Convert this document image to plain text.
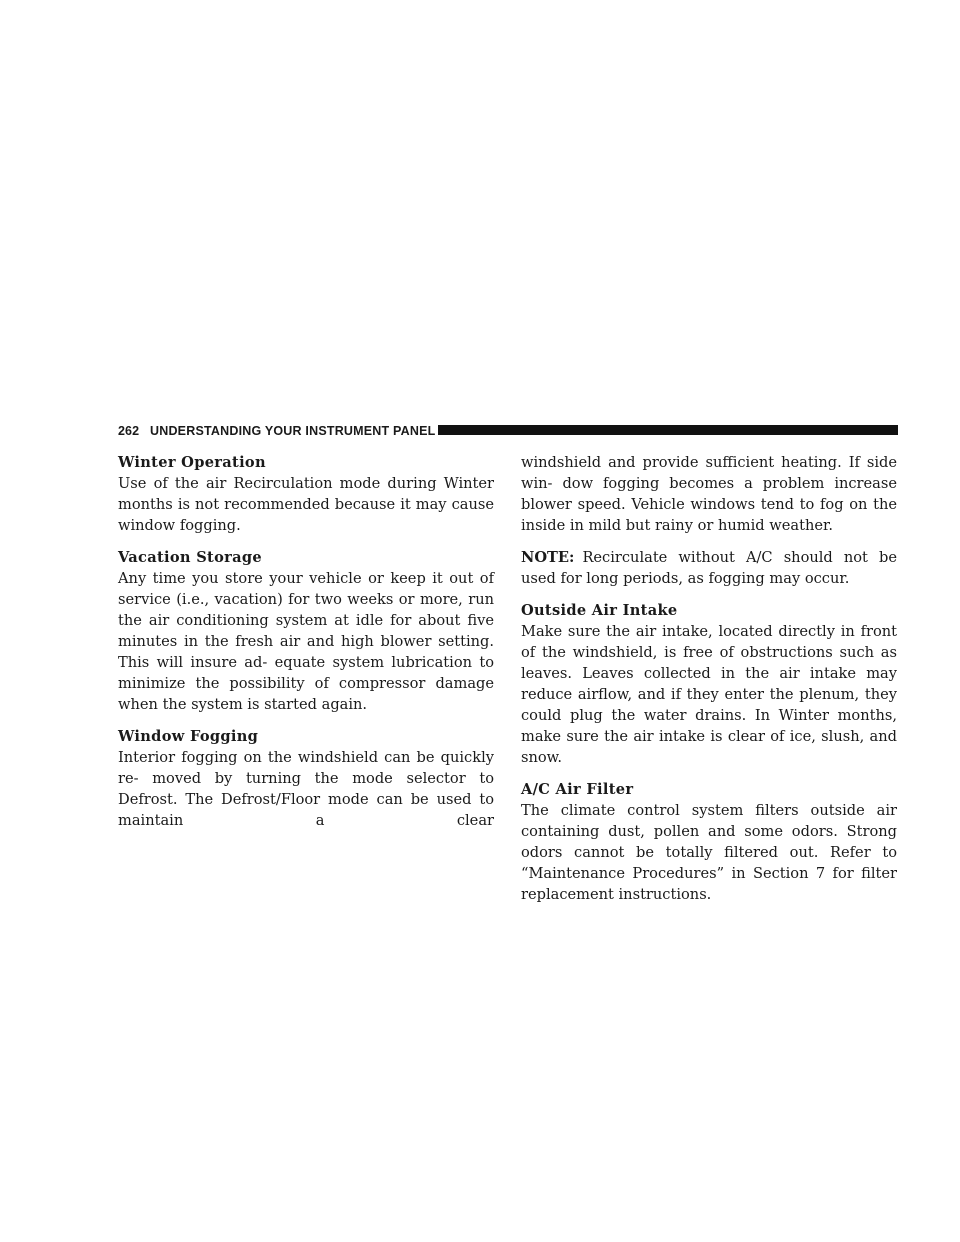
262 UNDERSTANDING YOUR INSTRUMENT PANEL
Winter Operation

Use of the air Recirculation mode during Winter months is not recommended because it may cause window fogging.

Vacation Storage

Any time you store your vehicle or keep it out of service (i.e., vacation) for two weeks or more, run the air conditioning system at idle for about five minutes in the fresh air and high blower setting. This will insure ad- equate system lubrication to minimize the possibility of compressor damage when the system is started again.

Window Fogging

Interior fogging on the windshield can be quickly re- moved by turning the mode selector to Defrost. The Defrost/Floor mode can be used to maintain a clear

windshield and provide sufficient heating. If side win- dow fogging becomes a problem increase blower speed. Vehicle windows tend to fog on the inside in mild but rainy or humid weather.

NOTE: Recirculate without A/C should not be used for long periods, as fogging may occur.

Outside Air Intake

Make sure the air intake, located directly in front of the windshield, is free of obstructions such as leaves. Leaves collected in the air intake may reduce airflow, and if they enter the plenum, they could plug the water drains. In Winter months, make sure the air intake is clear of ice, slush, and snow.

A/C Air Filter

The climate control system filters outside air containing dust, pollen and some odors. Strong odors cannot be totally filtered out. Refer to “Maintenance Procedures” in Section 7 for filter replacement instructions.
